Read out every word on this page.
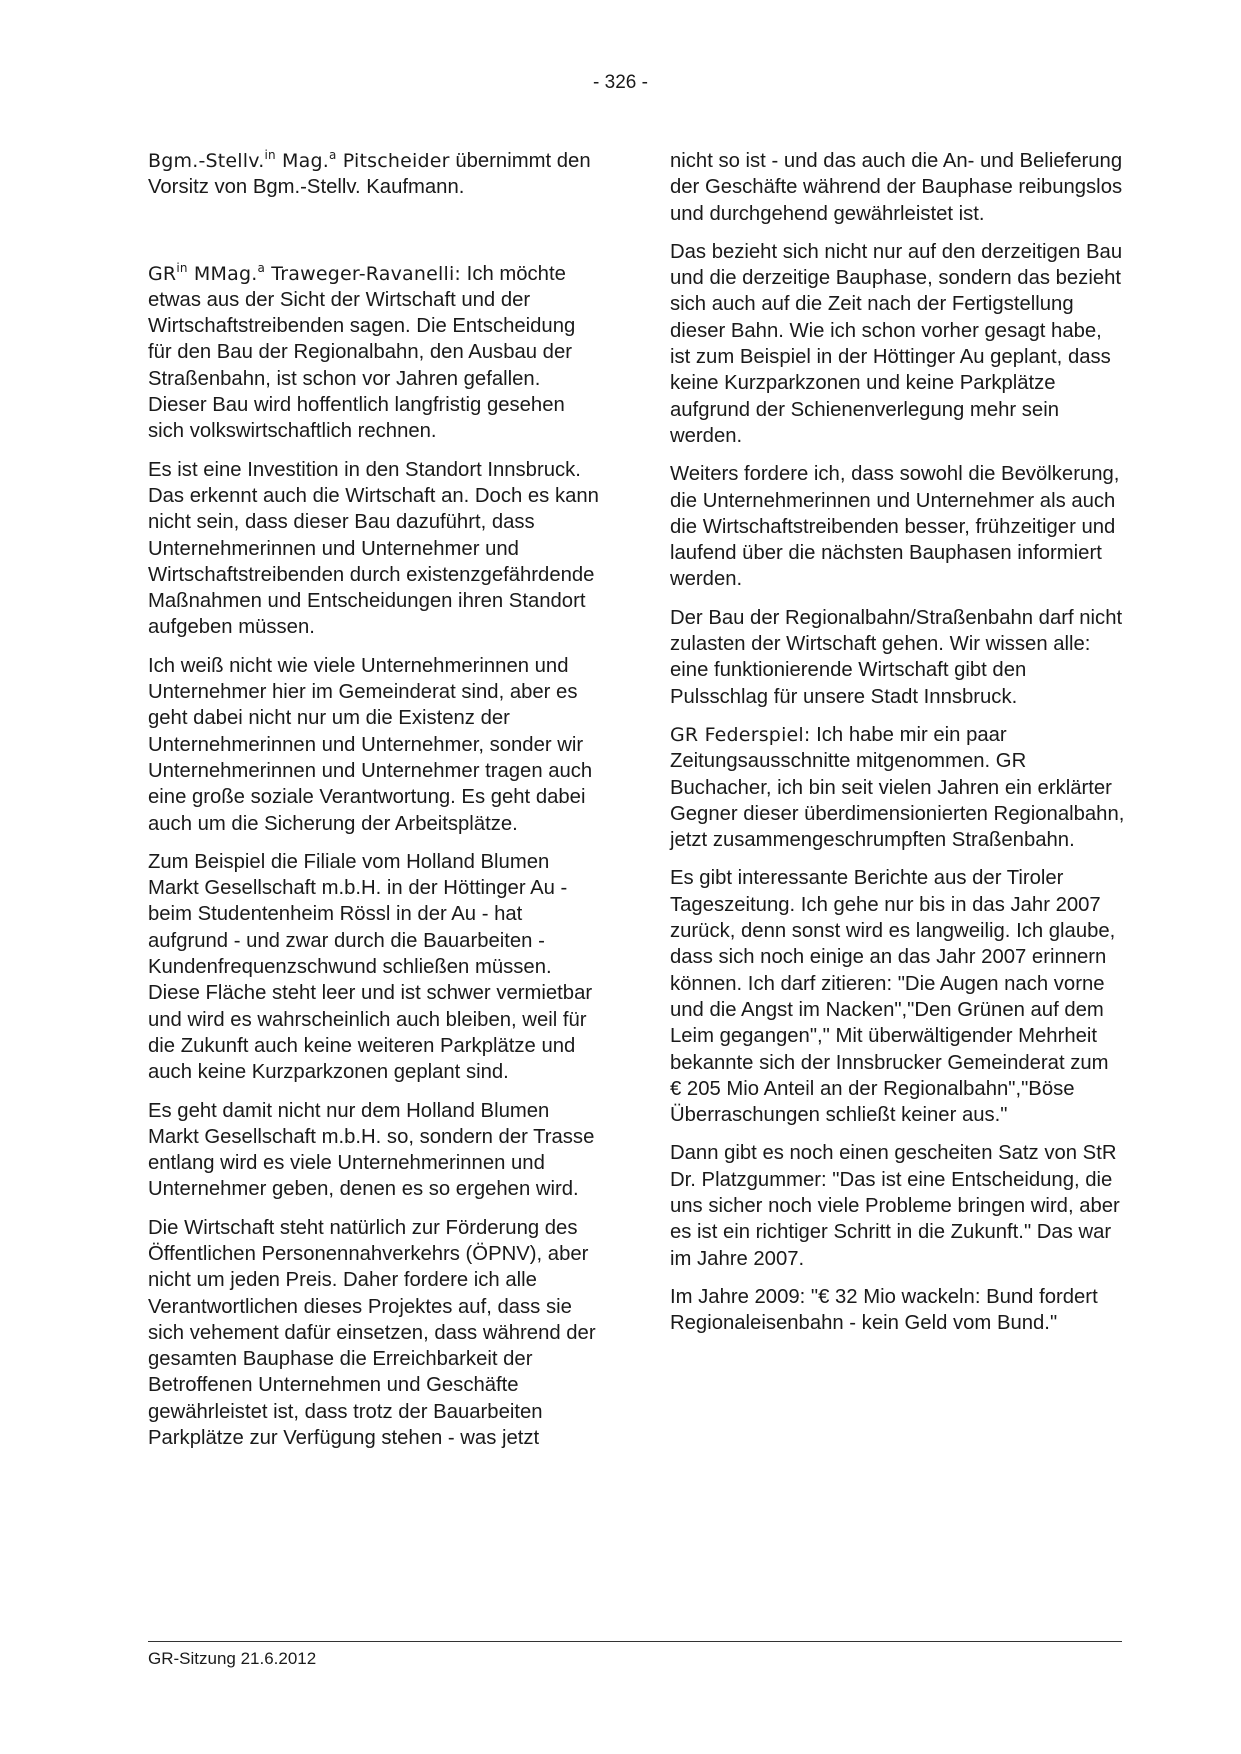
- 326 -

Bgm.-Stellv.$^{in}$ Mag.$^a$ Pitscheider übernimmt den Vorsitz von Bgm.-Stellv. Kaufmann.

$GR^{in}$ MMag.$^a$ Traweger-Ravanelli: Ich möchte etwas aus der Sicht der Wirtschaft und der Wirtschaftstreibenden sagen. Die Entscheidung für den Bau der Regionalbahn, den Ausbau der Straßenbahn, ist schon vor Jahren gefallen. Dieser Bau wird hoffentlich langfristig gesehen sich volkswirtschaftlich rechnen.

Es ist eine Investition in den Standort Innsbruck. Das erkennt auch die Wirtschaft an. Doch es kann nicht sein, dass dieser Bau dazuführt, dass Unternehmerinnen und Unternehmer und Wirtschaftstreibenden durch existenzgefährdende Maßnahmen und Entscheidungen ihren Standort aufgeben müssen.

Ich weiß nicht wie viele Unternehmerinnen und Unternehmer hier im Gemeinderat sind, aber es geht dabei nicht nur um die Existenz der Unternehmerinnen und Unternehmer, sonder wir Unternehmerinnen und Unternehmer tragen auch eine große soziale Verantwortung. Es geht dabei auch um die Sicherung der Arbeitsplätze.

Zum Beispiel die Filiale vom Holland Blumen Markt Gesellschaft m.b.H. in der Höttinger Au - beim Studentenheim Rössl in der Au - hat aufgrund - und zwar durch die Bauarbeiten - Kundenfrequenzschwund schließen müssen. Diese Fläche steht leer und ist schwer vermietbar und wird es wahrscheinlich auch bleiben, weil für die Zukunft auch keine weiteren Parkplätze und auch keine Kurzparkzonen geplant sind.

Es geht damit nicht nur dem Holland Blumen Markt Gesellschaft m.b.H. so, sondern der Trasse entlang wird es viele Unternehmerinnen und Unternehmer geben, denen es so ergehen wird.

Die Wirtschaft steht natürlich zur Förderung des Öffentlichen Personennahverkehrs (ÖPNV), aber nicht um jeden Preis. Daher fordere ich alle Verantwortlichen dieses Projektes auf, dass sie sich vehement dafür einsetzen, dass während der gesamten Bauphase die Erreichbarkeit der Betroffenen Unternehmen und Geschäfte gewährleistet ist, dass trotz der Bauarbeiten Parkplätze zur Verfügung stehen - was jetzt

nicht so ist - und das auch die An- und Belieferung der Geschäfte während der Bauphase reibungslos und durchgehend gewährleistet ist.

Das bezieht sich nicht nur auf den derzeitigen Bau und die derzeitige Bauphase, sondern das bezieht sich auch auf die Zeit nach der Fertigstellung dieser Bahn. Wie ich schon vorher gesagt habe, ist zum Beispiel in der Höttinger Au geplant, dass keine Kurzparkzonen und keine Parkplätze aufgrund der Schienenverlegung mehr sein werden.

Weiters fordere ich, dass sowohl die Bevölkerung, die Unternehmerinnen und Unternehmer als auch die Wirtschaftstreibenden besser, frühzeitiger und laufend über die nächsten Bauphasen informiert werden.

Der Bau der Regionalbahn/Straßenbahn darf nicht zulasten der Wirtschaft gehen. Wir wissen alle: eine funktionierende Wirtschaft gibt den Pulsschlag für unsere Stadt Innsbruck.

GR Federspiel: Ich habe mir ein paar Zeitungsausschnitte mitgenommen. GR Buchacher, ich bin seit vielen Jahren ein erklärter Gegner dieser überdimensionierten Regionalbahn, jetzt zusammengeschrumpften Straßenbahn.

Es gibt interessante Berichte aus der Tiroler Tageszeitung. Ich gehe nur bis in das Jahr 2007 zurück, denn sonst wird es langweilig. Ich glaube, dass sich noch einige an das Jahr 2007 erinnern können. Ich darf zitieren: "Die Augen nach vorne und die Angst im Nacken","Den Grünen auf dem Leim gegangen"," Mit überwältigender Mehrheit bekannte sich der Innsbrucker Gemeinderat zum € 205 Mio Anteil an der Regionalbahn","Böse Überraschungen schließt keiner aus."

Dann gibt es noch einen gescheiten Satz von StR Dr. Platzgummer: "Das ist eine Entscheidung, die uns sicher noch viele Probleme bringen wird, aber es ist ein richtiger Schritt in die Zukunft." Das war im Jahre 2007.

Im Jahre 2009: "€ 32 Mio wackeln: Bund fordert Regionaleisenbahn - kein Geld vom Bund."

GR-Sitzung 21.6.2012
